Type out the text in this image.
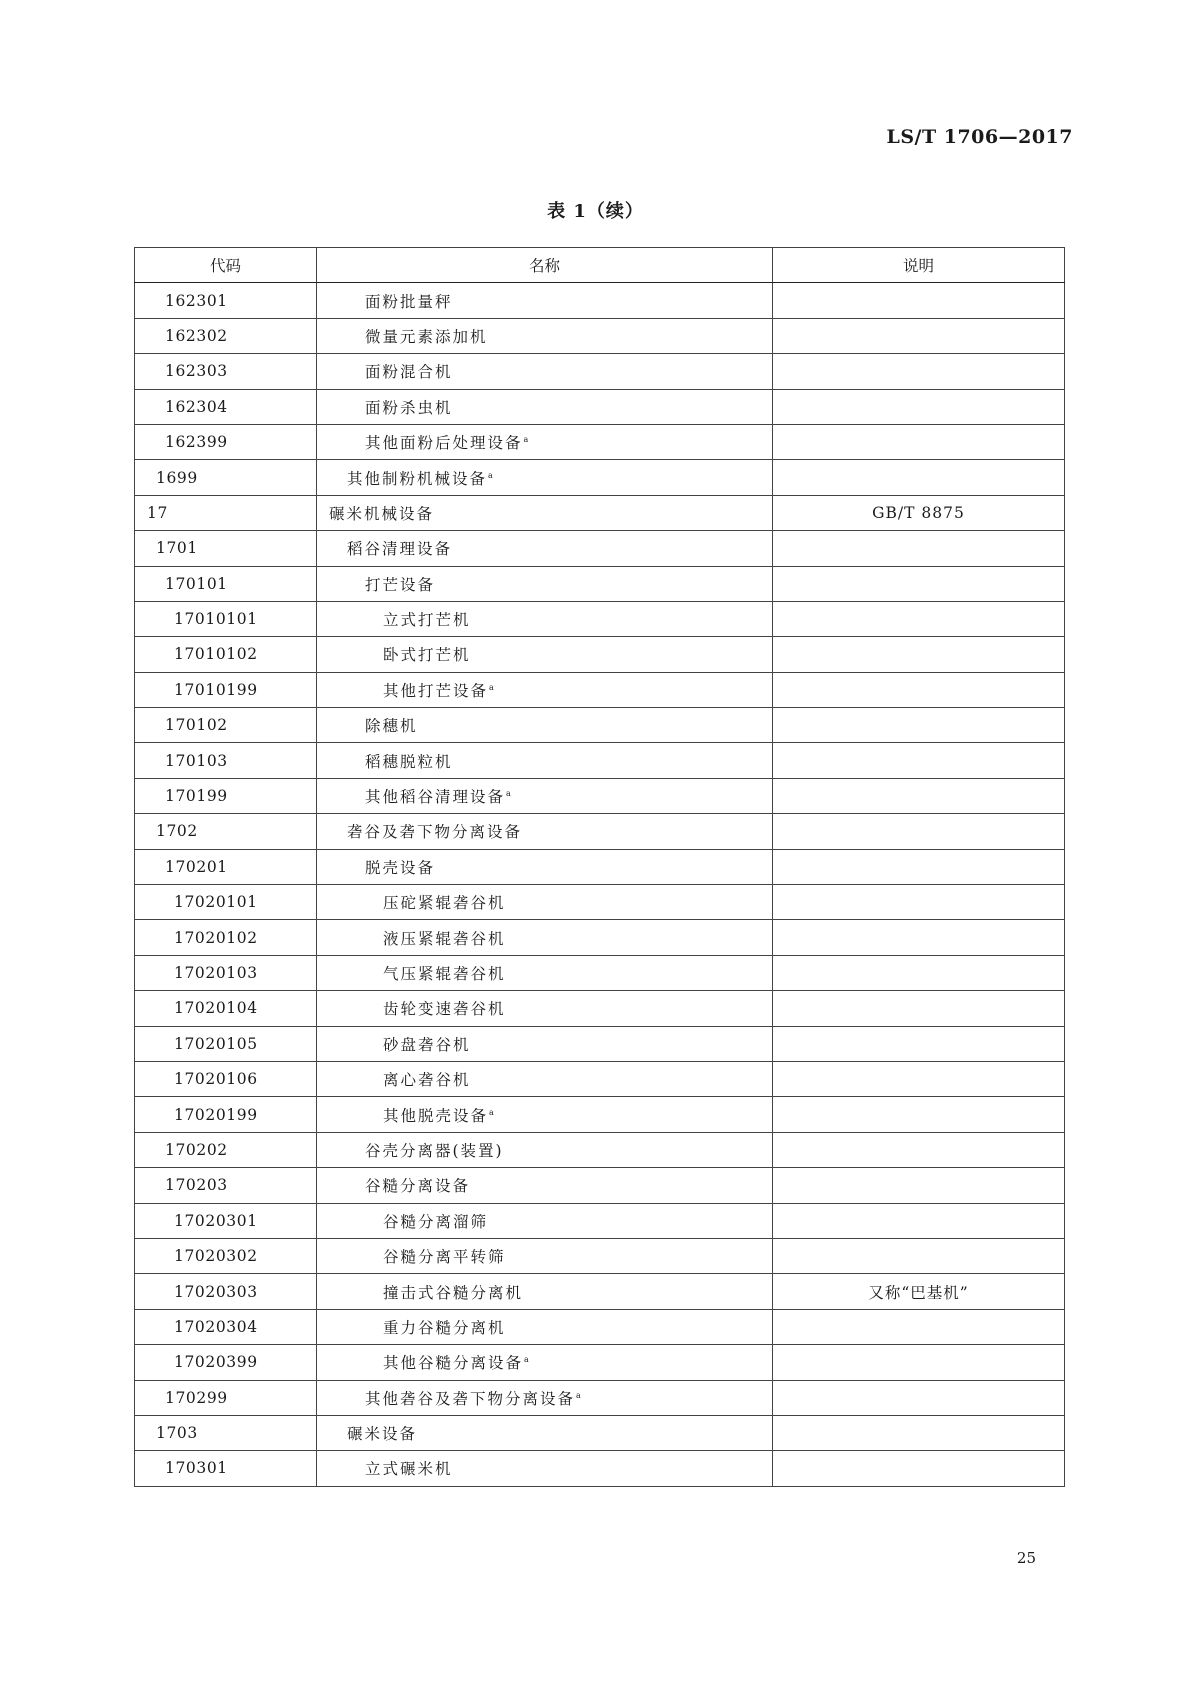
LS/T 1706—2017
表 1（续）
代码	名称	说明
162301	面粉批量秤	
162302	微量元素添加机	
162303	面粉混合机	
162304	面粉杀虫机	
162399	其他面粉后处理设备$^a$	
1699	其他制粉机械设备$^a$	
17	碾米机械设备	GB/T 8875
1701	稻谷清理设备	
170101	打芒设备	
17010101	立式打芒机	
17010102	卧式打芒机	
17010199	其他打芒设备$^a$	
170102	除穗机	
170103	稻穗脱粒机	
170199	其他稻谷清理设备$^a$	
1702	砻谷及砻下物分离设备	
170201	脱壳设备	
17020101	压砣紧辊砻谷机	
17020102	液压紧辊砻谷机	
17020103	气压紧辊砻谷机	
17020104	齿轮变速砻谷机	
17020105	砂盘砻谷机	
17020106	离心砻谷机	
17020199	其他脱壳设备$^a$	
170202	谷壳分离器(装置)	
170203	谷糙分离设备	
17020301	谷糙分离溜筛	
17020302	谷糙分离平转筛	
17020303	撞击式谷糙分离机	又称“巴基机”
17020304	重力谷糙分离机	
17020399	其他谷糙分离设备$^a$	
170299	其他砻谷及砻下物分离设备$^a$	
1703	碾米设备	
170301	立式碾米机	
25
